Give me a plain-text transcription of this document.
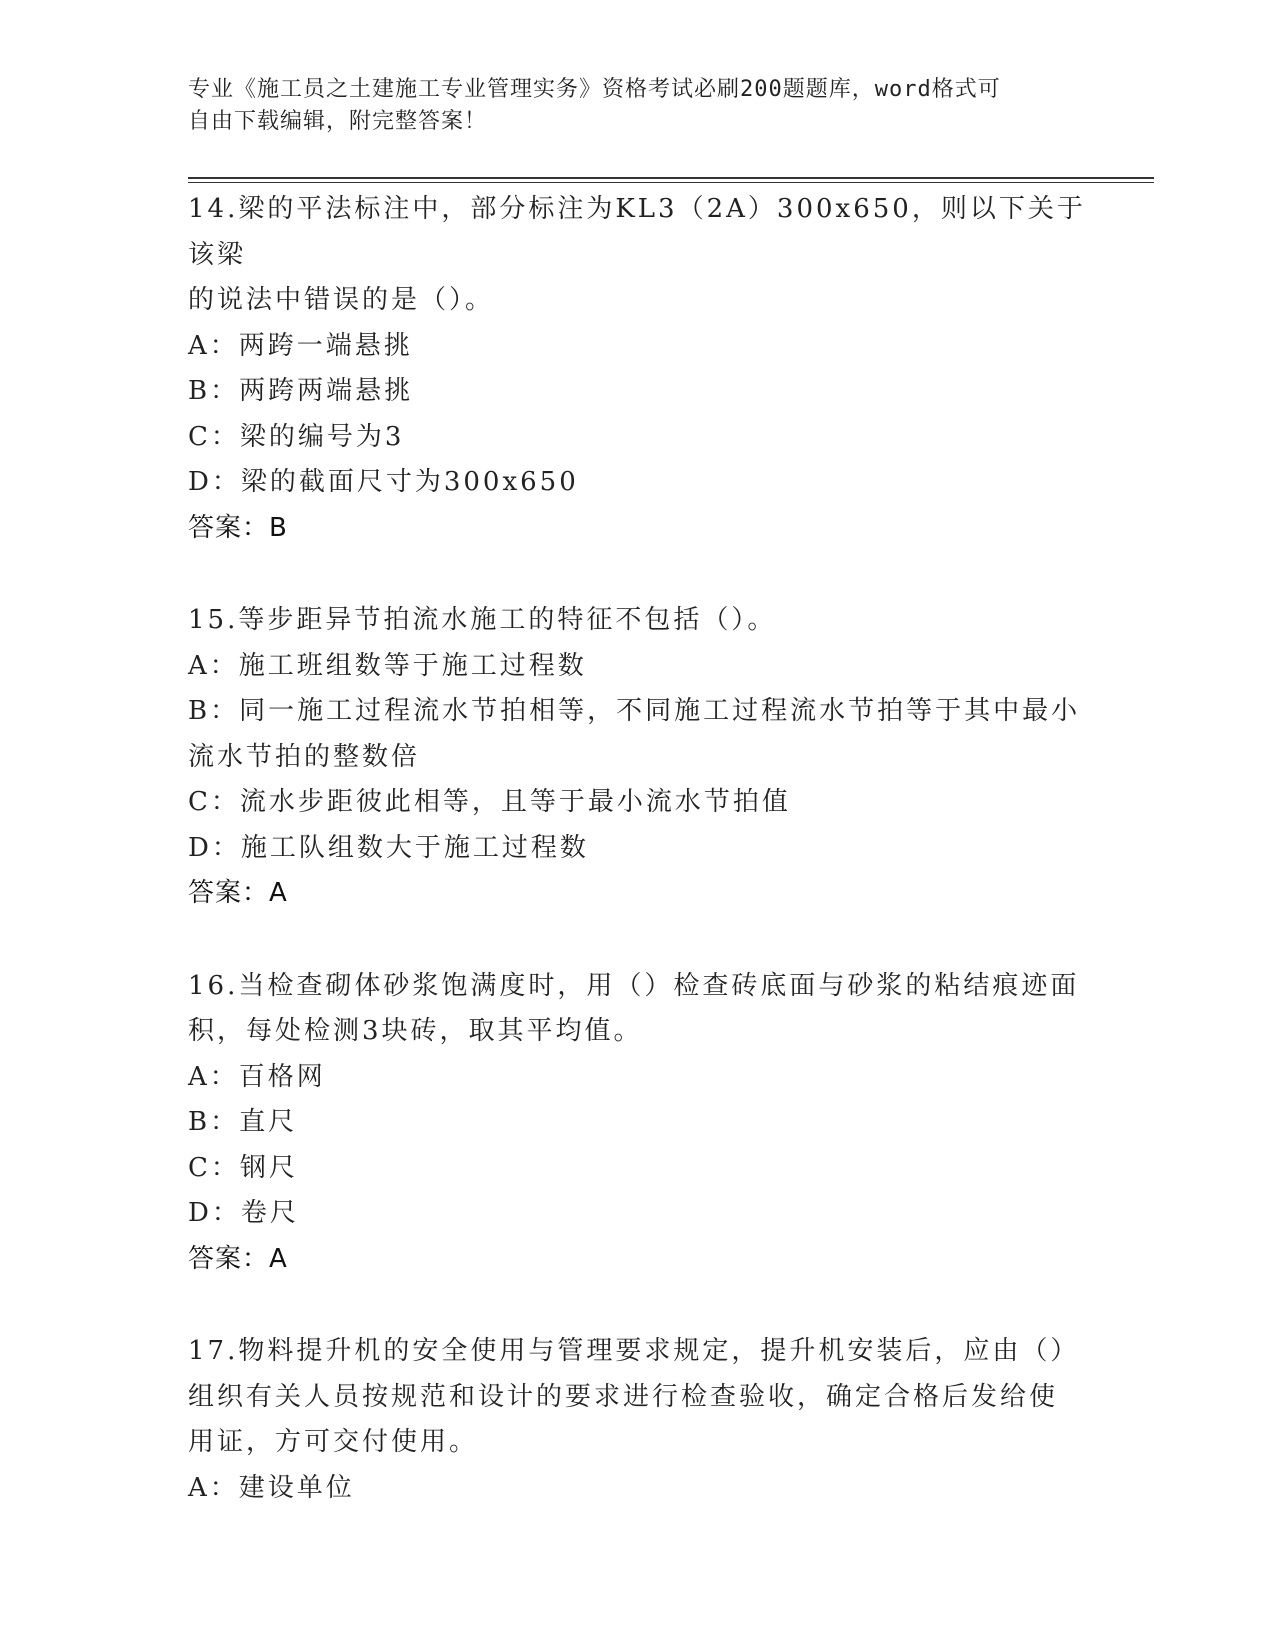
专业《施工员之土建施工专业管理实务》资格考试必刷200题题库，word格式可
自由下载编辑，附完整答案！
14.梁的平法标注中，部分标注为KL3（2A）300x650，则以下关于该梁
的说法中错误的是（）。
A：两跨一端悬挑
B：两跨两端悬挑
C：梁的编号为3
D：梁的截面尺寸为300x650
答案：B
15.等步距异节拍流水施工的特征不包括（）。
A：施工班组数等于施工过程数
B：同一施工过程流水节拍相等，不同施工过程流水节拍等于其中最小
流水节拍的整数倍
C：流水步距彼此相等，且等于最小流水节拍值
D：施工队组数大于施工过程数
答案：A
16.当检查砌体砂浆饱满度时，用（）检查砖底面与砂浆的粘结痕迹面
积，每处检测3块砖，取其平均值。
A：百格网
B：直尺
C：钢尺
D：卷尺
答案：A
17.物料提升机的安全使用与管理要求规定，提升机安装后，应由（）
组织有关人员按规范和设计的要求进行检查验收，确定合格后发给使
用证，方可交付使用。
A：建设单位
